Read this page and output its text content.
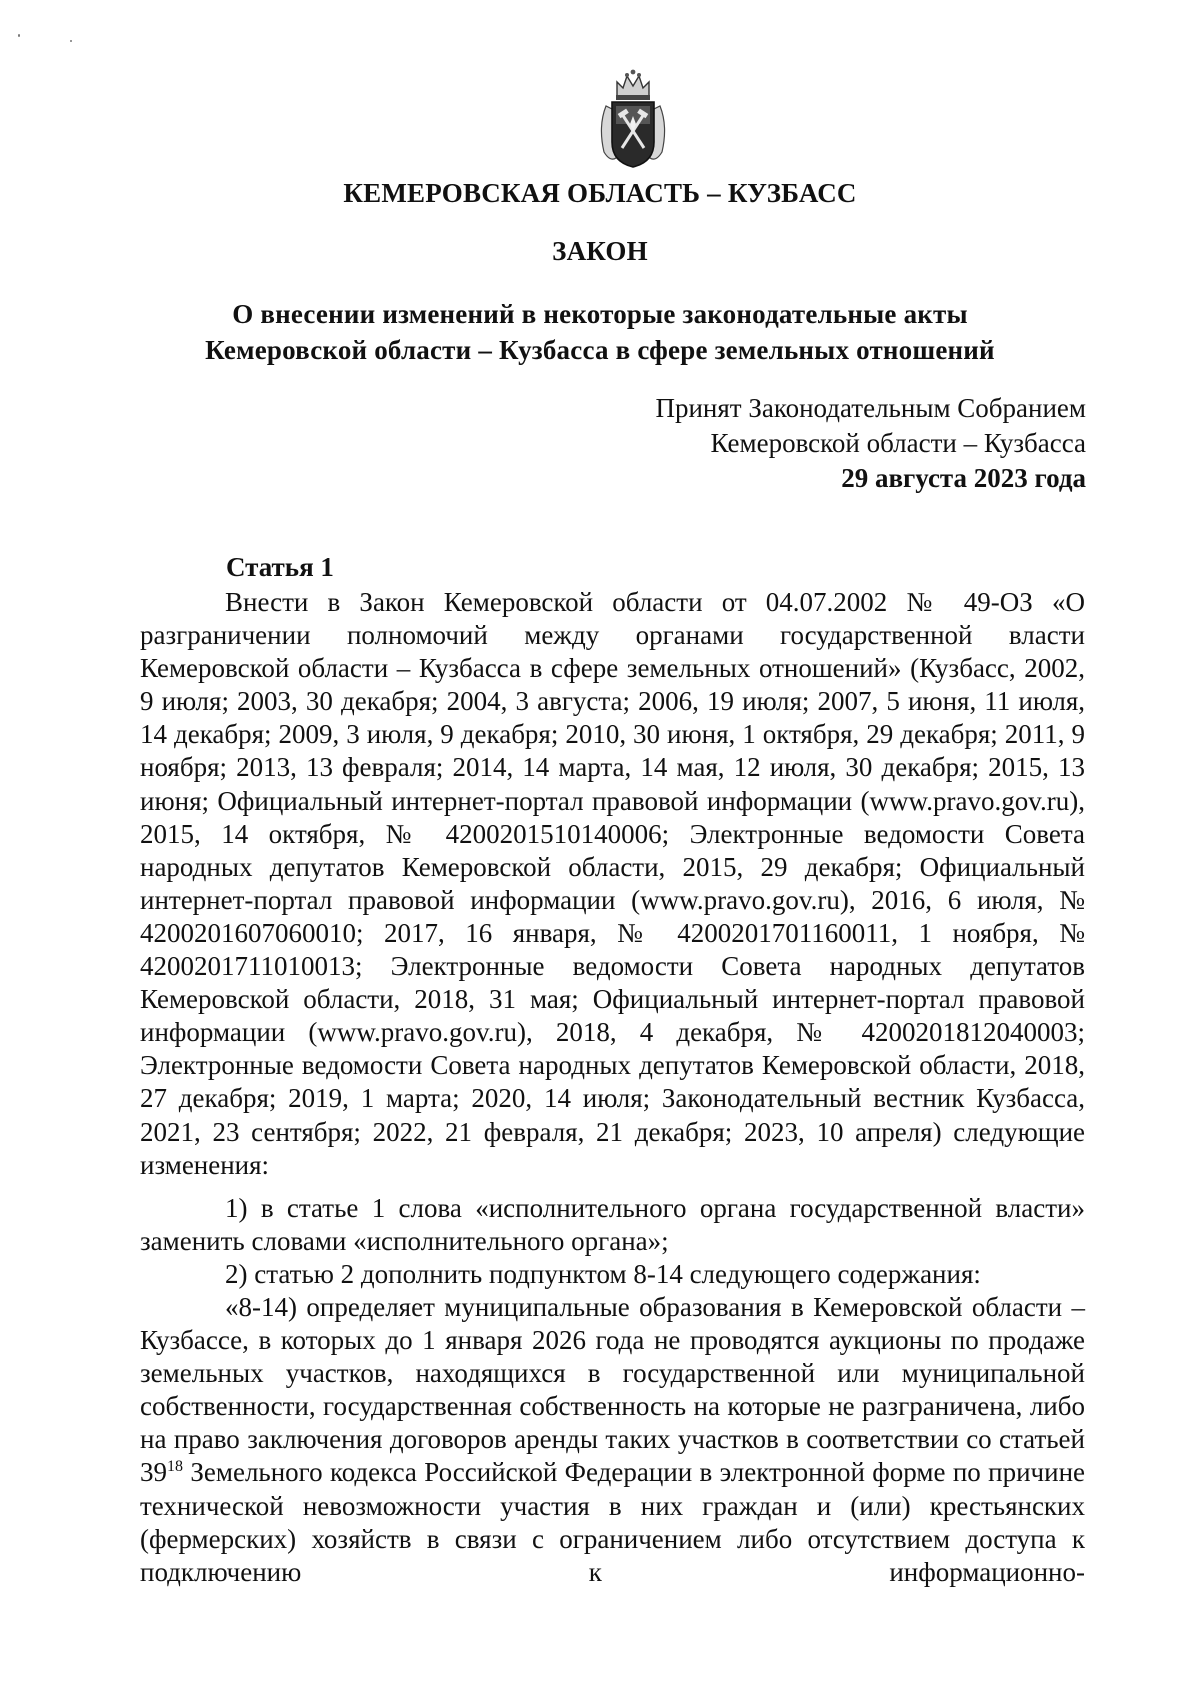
КЕМЕРОВСКАЯ ОБЛАСТЬ – КУЗБАСС
ЗАКОН
О внесении изменений в некоторые законодательные акты
Кемеровской области – Кузбасса в сфере земельных отношений
Принят Законодательным Собранием
Кемеровской области – Кузбасса
29 августа 2023 года
Статья 1

Внести в Закон Кемеровской области от 04.07.2002 № 49-ОЗ «О разграничении полномочий между органами государственной власти Кемеровской области – Кузбасса в сфере земельных отношений» (Кузбасс, 2002, 9 июля; 2003, 30 декабря; 2004, 3 августа; 2006, 19 июля; 2007, 5 июня, 11 июля, 14 декабря; 2009, 3 июля, 9 декабря; 2010, 30 июня, 1 октября, 29 декабря; 2011, 9 ноября; 2013, 13 февраля; 2014, 14 марта, 14 мая, 12 июля, 30 декабря; 2015, 13 июня; Официальный интернет-портал правовой информации (www.pravo.gov.ru), 2015, 14 октября, № 4200201510140006; Электронные ведомости Совета народных депутатов Кемеровской области, 2015, 29 декабря; Официальный интернет-портал правовой информации (www.pravo.gov.ru), 2016, 6 июля, № 4200201607060010; 2017, 16 января, № 4200201701160011, 1 ноября, № 4200201711010013; Электронные ведомости Совета народных депутатов Кемеровской области, 2018, 31 мая; Официальный интернет-портал правовой информации (www.pravo.gov.ru), 2018, 4 декабря, № 4200201812040003; Электронные ведомости Совета народных депутатов Кемеровской области, 2018, 27 декабря; 2019, 1 марта; 2020, 14 июля; Законодательный вестник Кузбасса, 2021, 23 сентября; 2022, 21 февраля, 21 декабря; 2023, 10 апреля) следующие изменения:

1) в статье 1 слова «исполнительного органа государственной власти» заменить словами «исполнительного органа»;

2) статью 2 дополнить подпунктом 8-14 следующего содержания:

«8-14) определяет муниципальные образования в Кемеровской области – Кузбассе, в которых до 1 января 2026 года не проводятся аукционы по продаже земельных участков, находящихся в государственной или муниципальной собственности, государственная собственность на которые не разграничена, либо на право заключения договоров аренды таких участков в соответствии со статьей $39^{18}$ Земельного кодекса Российской Федерации в электронной форме по причине технической невозможности участия в них граждан и (или) крестьянских (фермерских) хозяйств в связи с ограничением либо отсутствием доступа к подключению к информационно-
